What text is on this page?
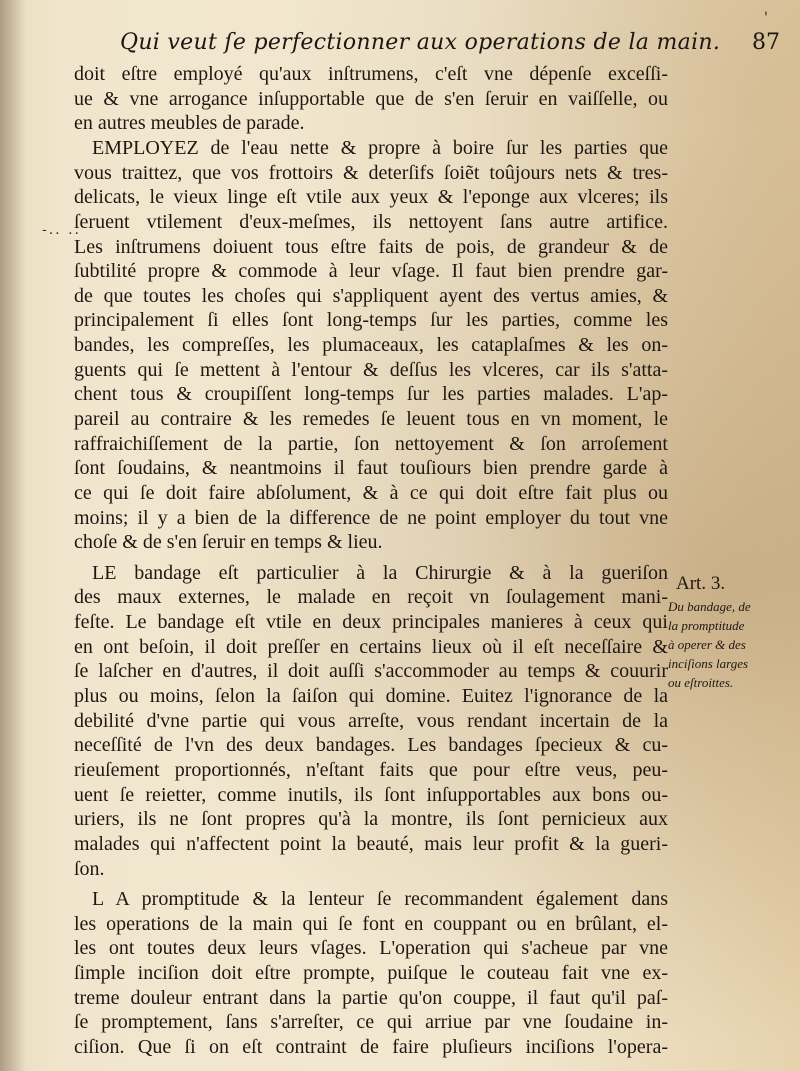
'
Qui veut ſe perfectionner aux operations de la main. 87
-.. ..
doit eſtre employé qu'aux inſtrumens, c'eſt vne dépenſe exceſſi-
ue & vne arrogance inſupportable que de s'en ſeruir en vaiſſelle, ou
en autres meubles de parade.
EMPLOYEZ de l'eau nette & propre à boire ſur les parties que
vous traittez, que vos frottoirs & deterſifs ſoiẽt toûjours nets & tres-
delicats, le vieux linge eſt vtile aux yeux & l'eponge aux vlceres; ils
ſeruent vtilement d'eux-meſmes, ils nettoyent ſans autre artifice.
Les inſtrumens doiuent tous eſtre faits de pois, de grandeur & de
ſubtilité propre & commode à leur vſage. Il faut bien prendre gar-
de que toutes les choſes qui s'appliquent ayent des vertus amies, &
principalement ſi elles ſont long-temps ſur les parties, comme les
bandes, les compreſſes, les plumaceaux, les cataplaſmes & les on-
guents qui ſe mettent à l'entour & deſſus les vlceres, car ils s'atta-
chent tous & croupiſſent long-temps ſur les parties malades. L'ap-
pareil au contraire & les remedes ſe leuent tous en vn moment, le
raffraichiſſement de la partie, ſon nettoyement & ſon arroſement
ſont ſoudains, & neantmoins il faut touſiours bien prendre garde à
ce qui ſe doit faire abſolument, & à ce qui doit eſtre fait plus ou
moins; il y a bien de la difference de ne point employer du tout vne
choſe & de s'en ſeruir en temps & lieu.
LE bandage eſt particulier à la Chirurgie & à la gueriſon
des maux externes, le malade en reçoit vn ſoulagement mani-
feſte. Le bandage eſt vtile en deux principales manieres à ceux qui
en ont beſoin, il doit preſſer en certains lieux où il eſt neceſſaire &
ſe laſcher en d'autres, il doit auſſi s'accommoder au temps & couurir
plus ou moins, ſelon la ſaiſon qui domine. Euitez l'ignorance de la
debilité d'vne partie qui vous arreſte, vous rendant incertain de la
neceſſité de l'vn des deux bandages. Les bandages ſpecieux & cu-
rieuſement proportionnés, n'eſtant faits que pour eſtre veus, peu-
uent ſe reietter, comme inutils, ils ſont inſupportables aux bons ou-
uriers, ils ne ſont propres qu'à la montre, ils ſont pernicieux aux
malades qui n'affectent point la beauté, mais leur profit & la gueri-
ſon.
L A promptitude & la lenteur ſe recommandent également dans
les operations de la main qui ſe font en couppant ou en brûlant, el-
les ont toutes deux leurs vſages. L'operation qui s'acheue par vne
ſimple inciſion doit eſtre prompte, puiſque le couteau fait vne ex-
treme douleur entrant dans la partie qu'on couppe, il faut qu'il paſ-
ſe promptement, ſans s'arreſter, ce qui arriue par vne ſoudaine in-
ciſion. Que ſi on eſt contraint de faire pluſieurs inciſions l'opera-
Art. 3.
Du bandage, de
la promptitude
à operer & des
inciſions larges
ou eſtroittes.
